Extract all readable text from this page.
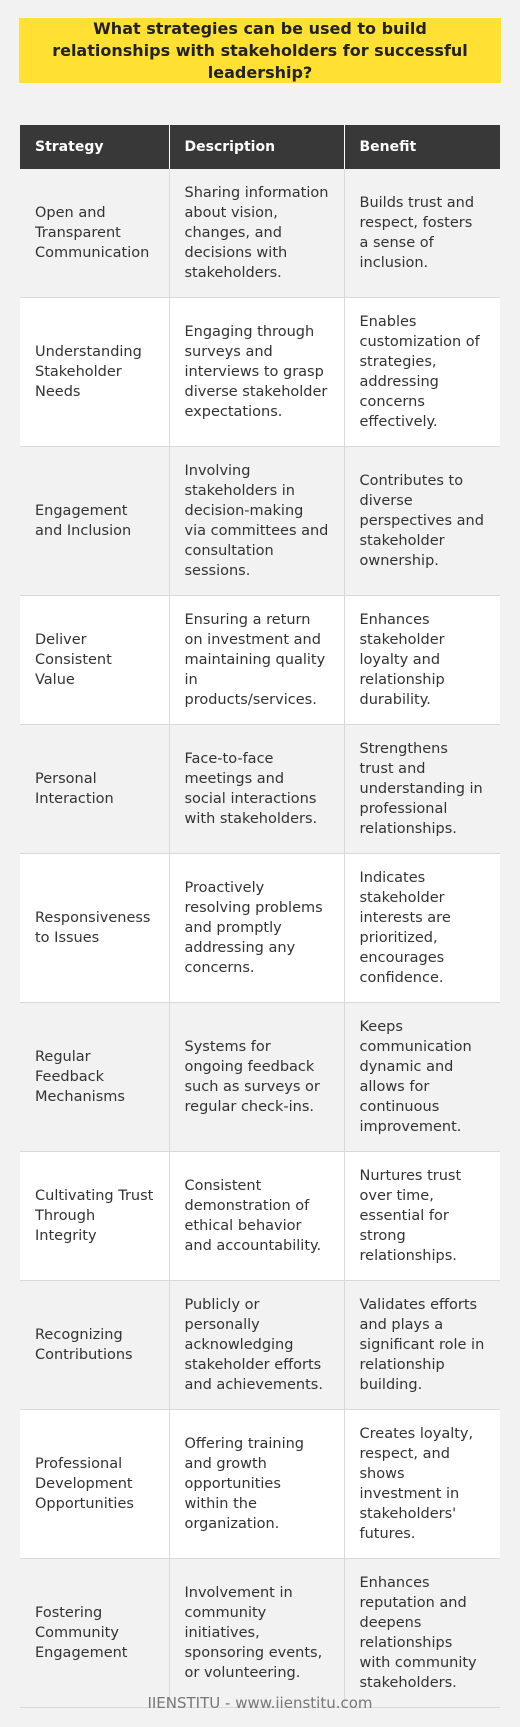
What strategies can be used to build relationships with stakeholders for successful leadership?
Strategy	Description	Benefit
Open and Transparent Communication	Sharing information about vision, changes, and decisions with stakeholders.	Builds trust and respect, fosters a sense of inclusion.
Understanding Stakeholder Needs	Engaging through surveys and interviews to grasp diverse stakeholder expectations.	Enables customization of strategies, addressing concerns effectively.
Engagement and Inclusion	Involving stakeholders in decision-making via committees and consultation sessions.	Contributes to diverse perspectives and stakeholder ownership.
Deliver Consistent Value	Ensuring a return on investment and maintaining quality in products/services.	Enhances stakeholder loyalty and relationship durability.
Personal Interaction	Face-to-face meetings and social interactions with stakeholders.	Strengthens trust and understanding in professional relationships.
Responsiveness to Issues	Proactively resolving problems and promptly addressing any concerns.	Indicates stakeholder interests are prioritized, encourages confidence.
Regular Feedback Mechanisms	Systems for ongoing feedback such as surveys or regular check-ins.	Keeps communication dynamic and allows for continuous improvement.
Cultivating Trust Through Integrity	Consistent demonstration of ethical behavior and accountability.	Nurtures trust over time, essential for strong relationships.
Recognizing Contributions	Publicly or personally acknowledging stakeholder efforts and achievements.	Validates efforts and plays a significant role in relationship building.
Professional Development Opportunities	Offering training and growth opportunities within the organization.	Creates loyalty, respect, and shows investment in stakeholders' futures.
Fostering Community Engagement	Involvement in community initiatives, sponsoring events, or volunteering.	Enhances reputation and deepens relationships with community stakeholders.
IIENSTITU - www.iienstitu.com
